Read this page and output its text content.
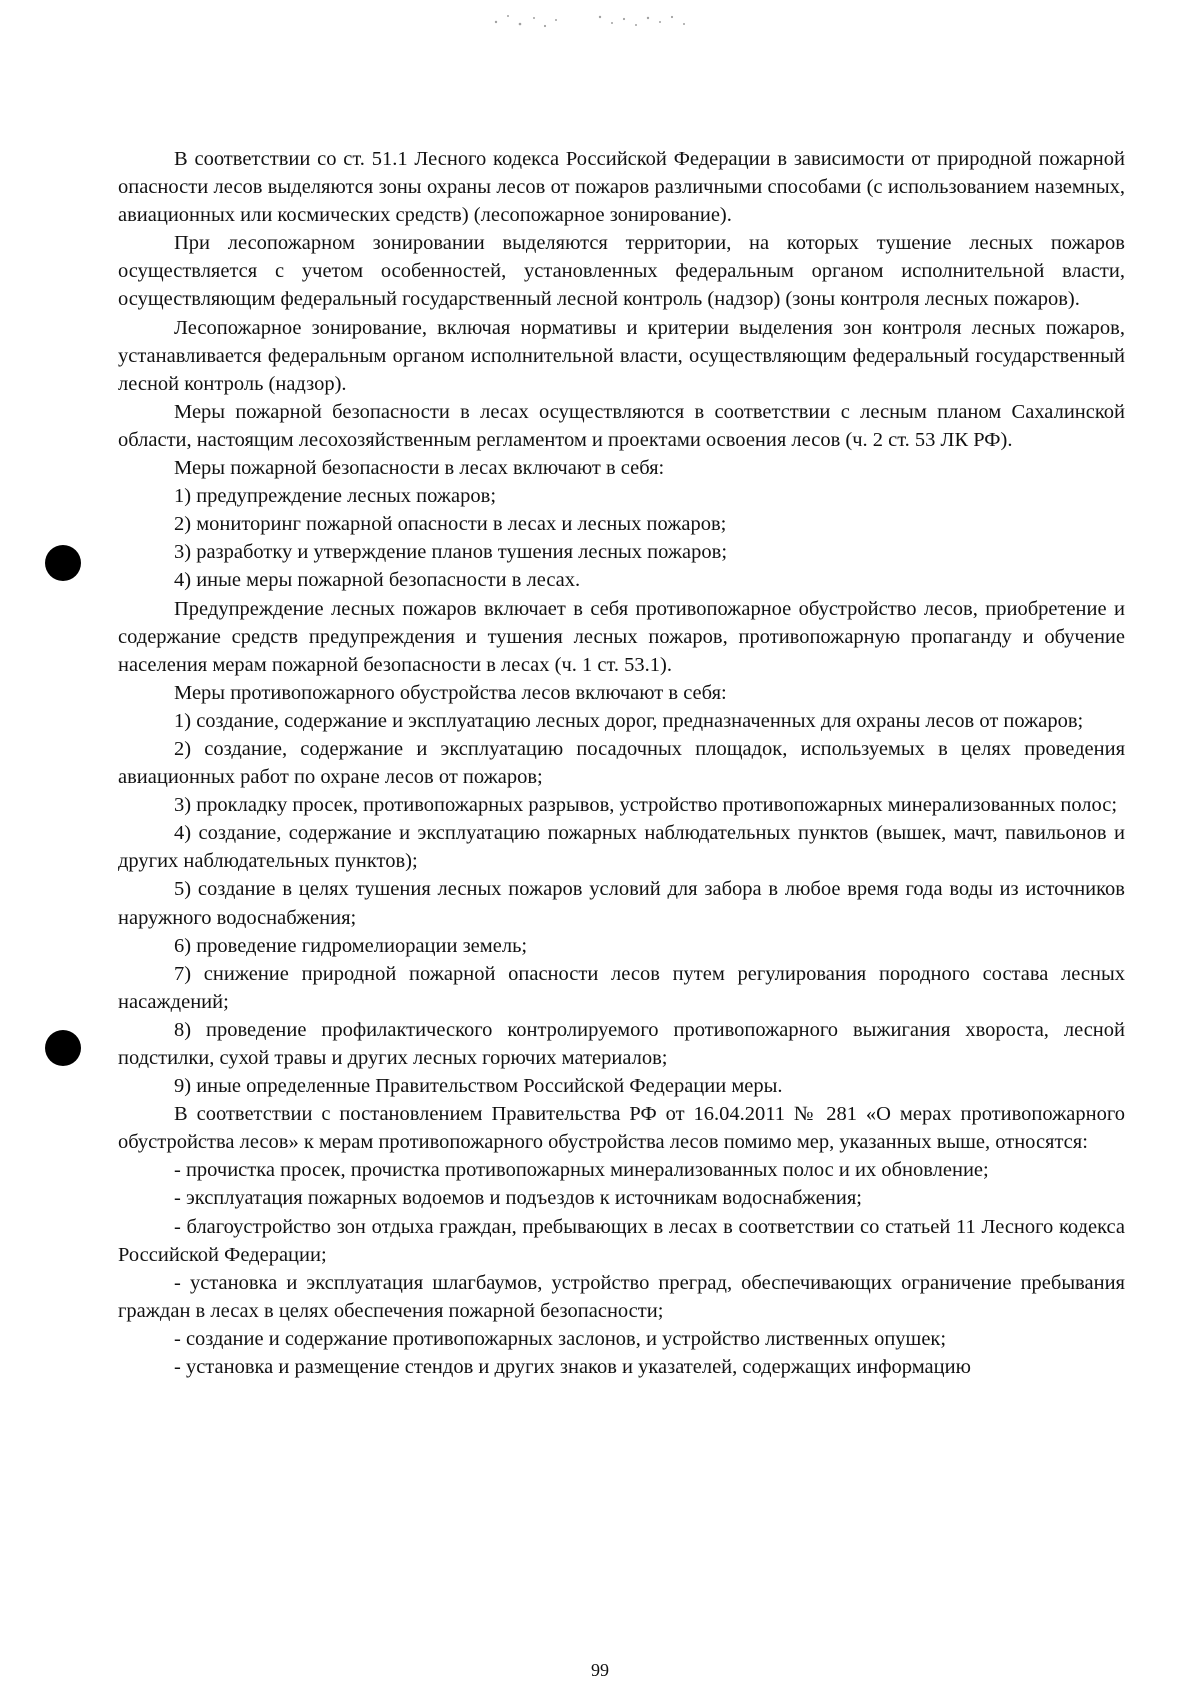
В соответствии со ст. 51.1 Лесного кодекса Российской Федерации в зависимости от природной пожарной опасности лесов выделяются зоны охраны лесов от пожаров различными способами (с использованием наземных, авиационных или космических средств) (лесопожарное зонирование).

При лесопожарном зонировании выделяются территории, на которых тушение лесных пожаров осуществляется с учетом особенностей, установленных федеральным органом исполнительной власти, осуществляющим федеральный государственный лесной контроль (надзор) (зоны контроля лесных пожаров).

Лесопожарное зонирование, включая нормативы и критерии выделения зон контроля лесных пожаров, устанавливается федеральным органом исполнительной власти, осуществляющим федеральный государственный лесной контроль (надзор).

Меры пожарной безопасности в лесах осуществляются в соответствии с лесным планом Сахалинской области, настоящим лесохозяйственным регламентом и проектами освоения лесов (ч. 2 ст. 53 ЛК РФ).

Меры пожарной безопасности в лесах включают в себя:

1) предупреждение лесных пожаров;

2) мониторинг пожарной опасности в лесах и лесных пожаров;

3) разработку и утверждение планов тушения лесных пожаров;

4) иные меры пожарной безопасности в лесах.

Предупреждение лесных пожаров включает в себя противопожарное обустройство лесов, приобретение и содержание средств предупреждения и тушения лесных пожаров, противопожарную пропаганду и обучение населения мерам пожарной безопасности в лесах (ч. 1 ст. 53.1).

Меры противопожарного обустройства лесов включают в себя:

1) создание, содержание и эксплуатацию лесных дорог, предназначенных для охраны лесов от пожаров;

2) создание, содержание и эксплуатацию посадочных площадок, используемых в целях проведения авиационных работ по охране лесов от пожаров;

3) прокладку просек, противопожарных разрывов, устройство противопожарных минерализованных полос;

4) создание, содержание и эксплуатацию пожарных наблюдательных пунктов (вышек, мачт, павильонов и других наблюдательных пунктов);

5) создание в целях тушения лесных пожаров условий для забора в любое время года воды из источников наружного водоснабжения;

6) проведение гидромелиорации земель;

7) снижение природной пожарной опасности лесов путем регулирования породного состава лесных насаждений;

8) проведение профилактического контролируемого противопожарного выжигания хвороста, лесной подстилки, сухой травы и других лесных горючих материалов;

9) иные определенные Правительством Российской Федерации меры.

В соответствии с постановлением Правительства РФ от 16.04.2011 № 281 «О мерах противопожарного обустройства лесов» к мерам противопожарного обустройства лесов помимо мер, указанных выше, относятся:

- прочистка просек, прочистка противопожарных минерализованных полос и их обновление;

- эксплуатация пожарных водоемов и подъездов к источникам водоснабжения;

- благоустройство зон отдыха граждан, пребывающих в лесах в соответствии со статьей 11 Лесного кодекса Российской Федерации;

- установка и эксплуатация шлагбаумов, устройство преград, обеспечивающих ограничение пребывания граждан в лесах в целях обеспечения пожарной безопасности;

- создание и содержание противопожарных заслонов, и устройство лиственных опушек;

- установка и размещение стендов и других знаков и указателей, содержащих информацию

99
